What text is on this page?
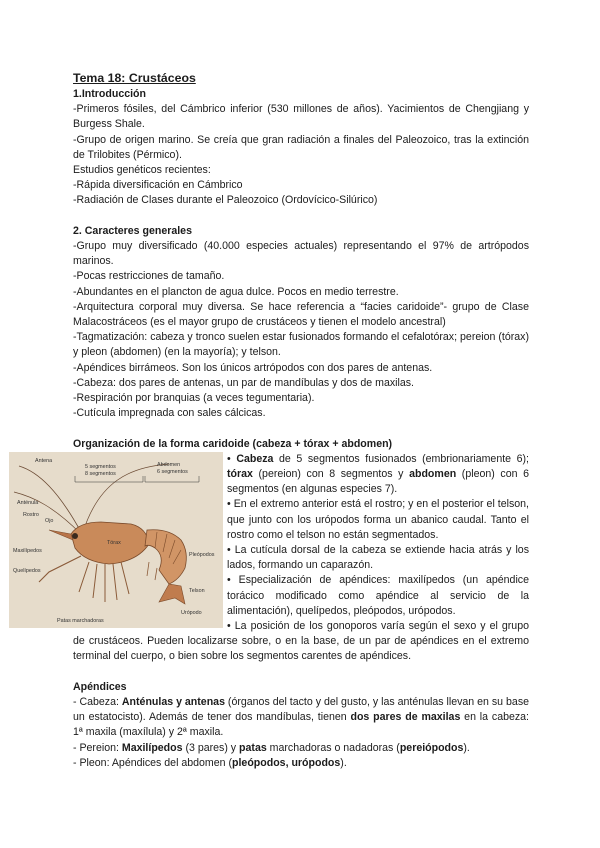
Tema 18: Crustáceos

1.Introducción

-Primeros fósiles, del Cámbrico inferior (530 millones de años). Yacimientos de Chengjiang y Burgess Shale.

-Grupo de origen marino. Se creía que gran radiación a finales del Paleozoico, tras la extinción de Trilobites (Pérmico).

Estudios genéticos recientes:

-Rápida diversificación en Cámbrico

-Radiación de Clases durante el Paleozoico (Ordovícico-Silúrico)

2. Caracteres generales

-Grupo muy diversificado (40.000 especies actuales) representando el 97% de artrópodos marinos.

-Pocas restricciones de tamaño.

-Abundantes en el plancton de agua dulce. Pocos en medio terrestre.

-Arquitectura corporal muy diversa. Se hace referencia a “facies caridoide”- grupo de Clase Malacostráceos (es el mayor grupo de crustáceos y tienen el modelo ancestral)

-Tagmatización: cabeza y tronco suelen estar fusionados formando el cefalotórax; pereion (tórax) y pleon (abdomen) (en la mayoría); y telson.

-Apéndices birrámeos. Son los únicos artrópodos con dos pares de antenas.

-Cabeza: dos pares de antenas, un par de mandíbulas y dos de maxilas.

-Respiración por branquias (a veces tegumentaria).

-Cutícula impregnada con sales cálcicas.

Organización de la forma caridoide (cabeza + tórax + abdomen)

Antena
5 segmentos
8 segmentos
Abdomen
6 segmentos
Anténula
Rostro
Ojo
Tórax
Maxilípedos
Quelípedos
Pleópodos
Telson
Urópodo
Patas marchadoras

• Cabeza de 5 segmentos fusionados (embrionariamente 6); tórax (pereion) con 8 segmentos y abdomen (pleon) con 6 segmentos (en algunas especies 7).

• En el extremo anterior está el rostro; y en el posterior el telson, que junto con los urópodos forma un abanico caudal. Tanto el rostro como el telson no están segmentados.

• La cutícula dorsal de la cabeza se extiende hacia atrás y los lados, formando un caparazón.

• Especialización de apéndices: maxilípedos (un apéndice torácico modificado como apéndice al servicio de la alimentación), quelípedos, pleópodos, urópodos.

• La posición de los gonoporos varía según el sexo y el grupo de crustáceos. Pueden localizarse sobre, o en la base, de un par de apéndices en el extremo terminal del cuerpo, o bien sobre los segmentos carentes de apéndices.

Apéndices

- Cabeza: Anténulas y antenas (órganos del tacto y del gusto, y las anténulas llevan en su base un estatocisto). Además de tener dos mandíbulas, tienen dos pares de maxilas en la cabeza: 1ª maxila (maxílula) y 2ª maxila.

- Pereion: Maxilípedos (3 pares) y patas marchadoras o nadadoras (pereiópodos).

- Pleon: Apéndices del abdomen (pleópodos, urópodos).
